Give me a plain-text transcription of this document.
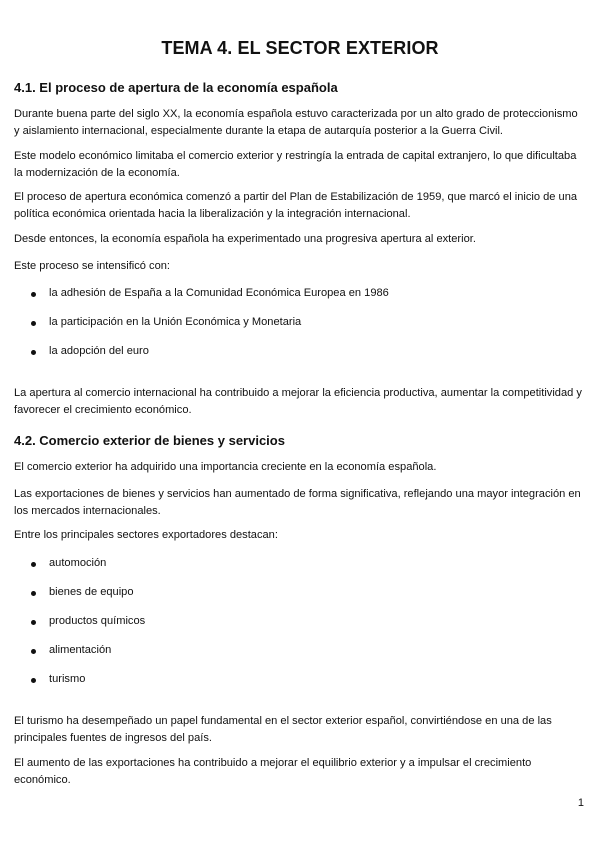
TEMA 4. EL SECTOR EXTERIOR
4.1. El proceso de apertura de la economía española
Durante buena parte del siglo XX, la economía española estuvo caracterizada por un alto grado de proteccionismo y aislamiento internacional, especialmente durante la etapa de autarquía posterior a la Guerra Civil.
Este modelo económico limitaba el comercio exterior y restringía la entrada de capital extranjero, lo que dificultaba la modernización de la economía.
El proceso de apertura económica comenzó a partir del Plan de Estabilización de 1959, que marcó el inicio de una política económica orientada hacia la liberalización y la integración internacional.
Desde entonces, la economía española ha experimentado una progresiva apertura al exterior.
Este proceso se intensificó con:
la adhesión de España a la Comunidad Económica Europea en 1986
la participación en la Unión Económica y Monetaria
la adopción del euro
La apertura al comercio internacional ha contribuido a mejorar la eficiencia productiva, aumentar la competitividad y favorecer el crecimiento económico.
4.2. Comercio exterior de bienes y servicios
El comercio exterior ha adquirido una importancia creciente en la economía española.
Las exportaciones de bienes y servicios han aumentado de forma significativa, reflejando una mayor integración en los mercados internacionales.
Entre los principales sectores exportadores destacan:
automoción
bienes de equipo
productos químicos
alimentación
turismo
El turismo ha desempeñado un papel fundamental en el sector exterior español, convirtiéndose en una de las principales fuentes de ingresos del país.
El aumento de las exportaciones ha contribuido a mejorar el equilibrio exterior y a impulsar el crecimiento económico.
1
